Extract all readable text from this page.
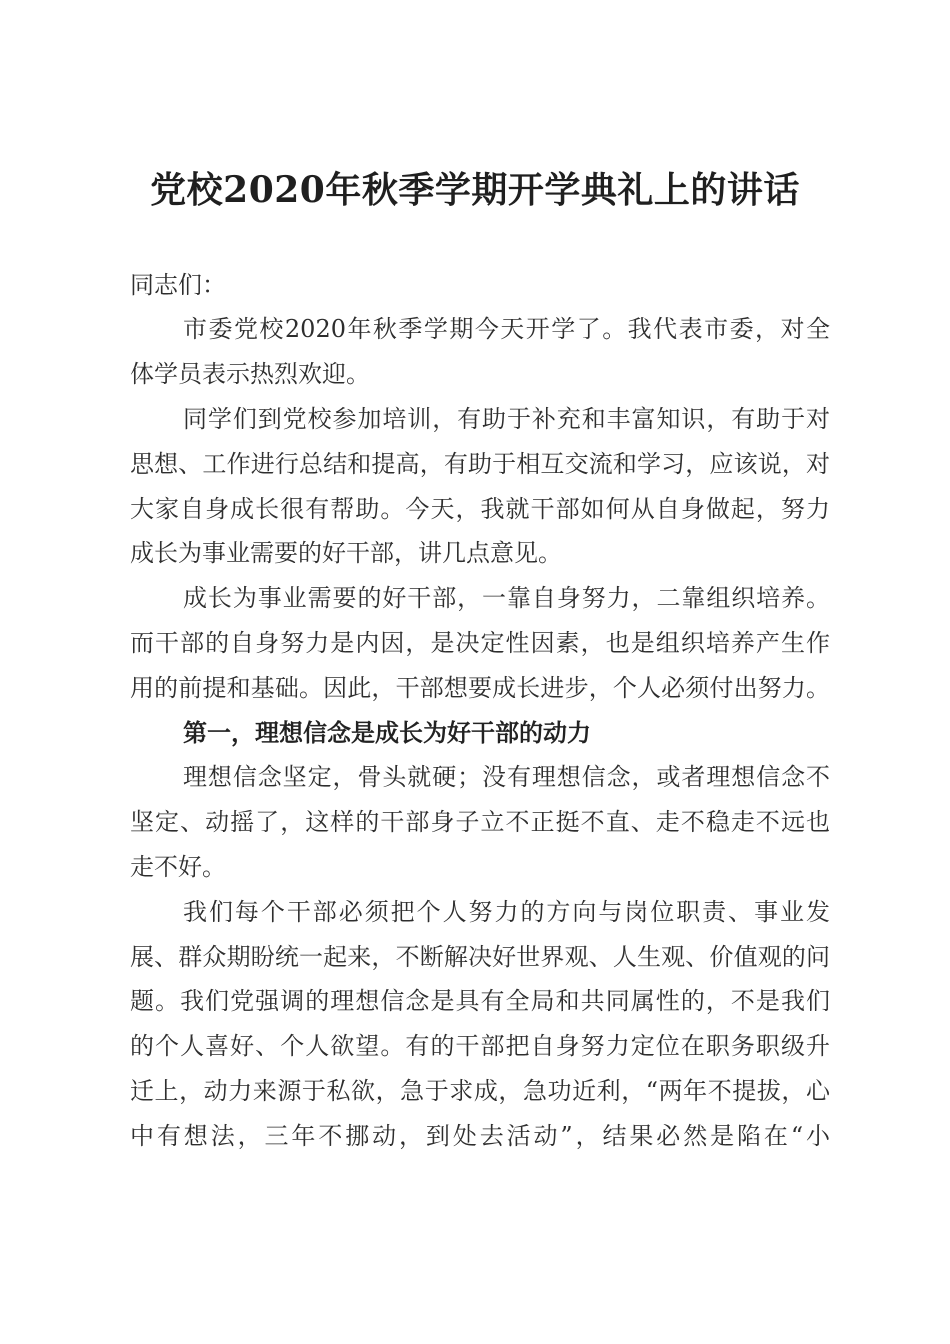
党校2020年秋季学期开学典礼上的讲话
同志们：
市委党校2020年秋季学期今天开学了。我代表市委，对全
体学员表示热烈欢迎。
同学们到党校参加培训，有助于补充和丰富知识，有助于对
思想、工作进行总结和提高，有助于相互交流和学习，应该说，对
大家自身成长很有帮助。今天，我就干部如何从自身做起，努力
成长为事业需要的好干部，讲几点意见。
成长为事业需要的好干部，一靠自身努力，二靠组织培养。
而干部的自身努力是内因，是决定性因素，也是组织培养产生作
用的前提和基础。因此，干部想要成长进步，个人必须付出努力。
第一，理想信念是成长为好干部的动力
理想信念坚定，骨头就硬；没有理想信念，或者理想信念不
坚定、动摇了，这样的干部身子立不正挺不直、走不稳走不远也
走不好。
我们每个干部必须把个人努力的方向与岗位职责、事业发
展、群众期盼统一起来，不断解决好世界观、人生观、价值观的问
题。我们党强调的理想信念是具有全局和共同属性的，不是我们
的个人喜好、个人欲望。有的干部把自身努力定位在职务职级升
迁上，动力来源于私欲，急于求成，急功近利，“两年不提拔，心
中有想法，三年不挪动，到处去活动”，结果必然是陷在“小
